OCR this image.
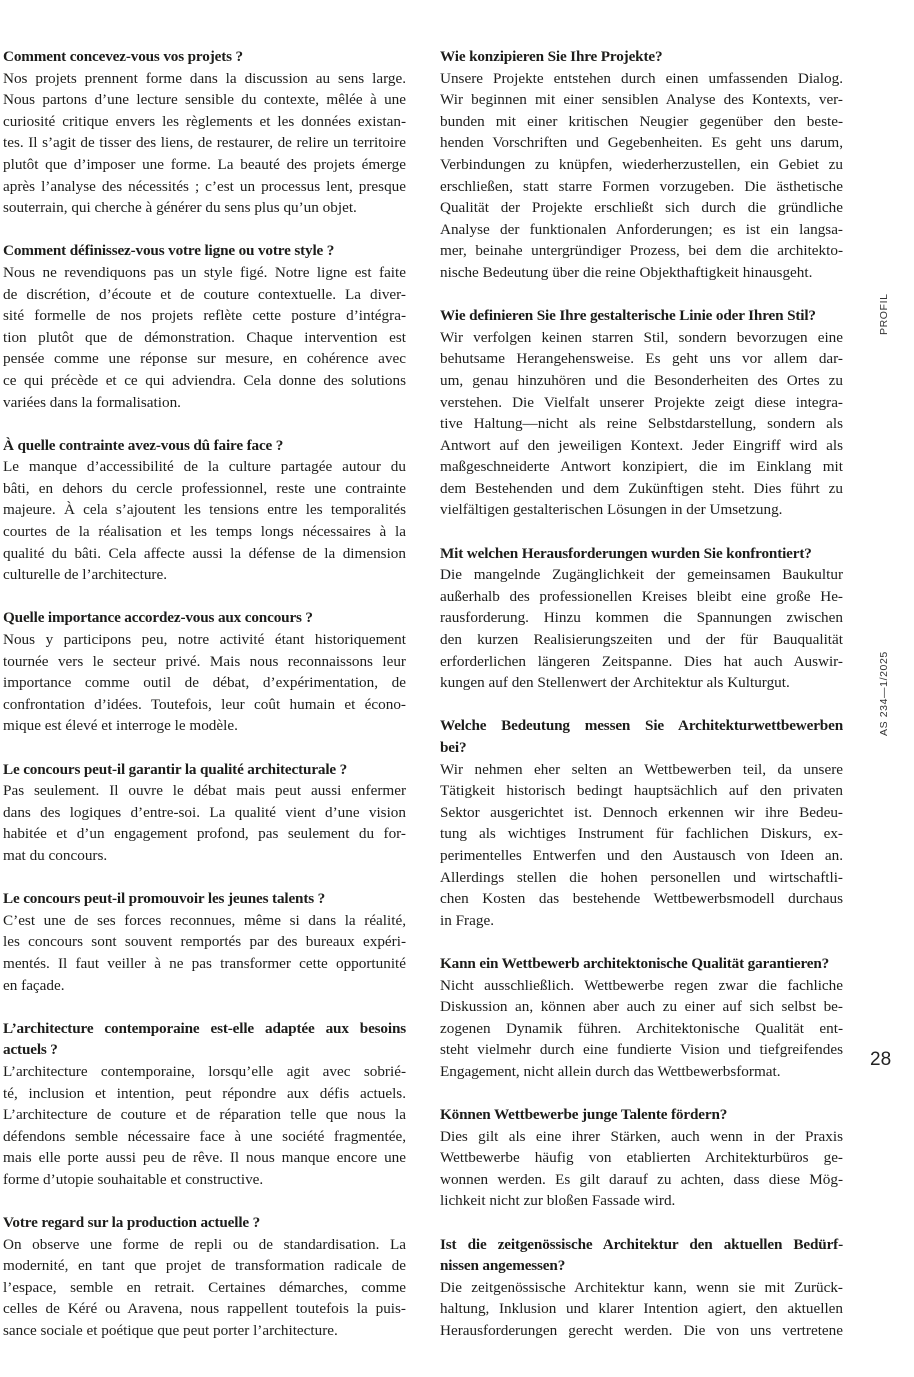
Comment concevez-vous vos projets ?
Nos projets prennent forme dans la discussion au sens large.
Nous partons d’une lecture sensible du contexte, mêlée à une
curiosité critique envers les règlements et les données existan-
tes. Il s’agit de tisser des liens, de restaurer, de relire un territoire
plutôt que d’imposer une forme. La beauté des projets émerge
après l’analyse des nécessités ; c’est un processus lent, presque
souterrain, qui cherche à générer du sens plus qu’un objet.
Comment définissez-vous votre ligne ou votre style ?
Nous ne revendiquons pas un style figé. Notre ligne est faite
de discrétion, d’écoute et de couture contextuelle. La diver-
sité formelle de nos projets reflète cette posture d’intégra-
tion plutôt que de démonstration. Chaque intervention est
pensée comme une réponse sur mesure, en cohérence avec
ce qui précède et ce qui adviendra. Cela donne des solutions
variées dans la formalisation.
À quelle contrainte avez-vous dû faire face ?
Le manque d’accessibilité de la culture partagée autour du
bâti, en dehors du cercle professionnel, reste une contrainte
majeure. À cela s’ajoutent les tensions entre les temporalités
courtes de la réalisation et les temps longs nécessaires à la
qualité du bâti. Cela affecte aussi la défense de la dimension
culturelle de l’architecture.
Quelle importance accordez-vous aux concours ?
Nous y participons peu, notre activité étant historiquement
tournée vers le secteur privé. Mais nous reconnaissons leur
importance comme outil de débat, d’expérimentation, de
confrontation d’idées. Toutefois, leur coût humain et écono-
mique est élevé et interroge le modèle.
Le concours peut-il garantir la qualité architecturale ?
Pas seulement. Il ouvre le débat mais peut aussi enfermer
dans des logiques d’entre-soi. La qualité vient d’une vision
habitée et d’un engagement profond, pas seulement du for-
mat du concours.
Le concours peut-il promouvoir les jeunes talents ?
C’est une de ses forces reconnues, même si dans la réalité,
les concours sont souvent remportés par des bureaux expéri-
mentés. Il faut veiller à ne pas transformer cette opportunité
en façade.
L’architecture contemporaine est-elle adaptée aux besoins
actuels ?
L’architecture contemporaine, lorsqu’elle agit avec sobrié-
té, inclusion et intention, peut répondre aux défis actuels.
L’architecture de couture et de réparation telle que nous la
défendons semble nécessaire face à une société fragmentée,
mais elle porte aussi peu de rêve. Il nous manque encore une
forme d’utopie souhaitable et constructive.
Votre regard sur la production actuelle ?
On observe une forme de repli ou de standardisation. La
modernité, en tant que projet de transformation radicale de
l’espace, semble en retrait. Certaines démarches, comme
celles de Kéré ou Aravena, nous rappellent toutefois la puis-
sance sociale et poétique que peut porter l’architecture.
Wie konzipieren Sie Ihre Projekte?
Unsere Projekte entstehen durch einen umfassenden Dialog.
Wir beginnen mit einer sensiblen Analyse des Kontexts, ver-
bunden mit einer kritischen Neugier gegenüber den beste-
henden Vorschriften und Gegebenheiten. Es geht uns darum,
Verbindungen zu knüpfen, wiederherzustellen, ein Gebiet zu
erschließen, statt starre Formen vorzugeben. Die ästhetische
Qualität der Projekte erschließt sich durch die gründliche
Analyse der funktionalen Anforderungen; es ist ein langsa-
mer, beinahe untergründiger Prozess, bei dem die architekto-
nische Bedeutung über die reine Objekthaftigkeit hinausgeht.
Wie definieren Sie Ihre gestalterische Linie oder Ihren Stil?
Wir verfolgen keinen starren Stil, sondern bevorzugen eine
behutsame Herangehensweise. Es geht uns vor allem dar-
um, genau hinzuhören und die Besonderheiten des Ortes zu
verstehen. Die Vielfalt unserer Projekte zeigt diese integra-
tive Haltung—nicht als reine Selbstdarstellung, sondern als
Antwort auf den jeweiligen Kontext. Jeder Eingriff wird als
maßgeschneiderte Antwort konzipiert, die im Einklang mit
dem Bestehenden und dem Zukünftigen steht. Dies führt zu
vielfältigen gestalterischen Lösungen in der Umsetzung.
Mit welchen Herausforderungen wurden Sie konfrontiert?
Die mangelnde Zugänglichkeit der gemeinsamen Baukultur
außerhalb des professionellen Kreises bleibt eine große He-
rausforderung. Hinzu kommen die Spannungen zwischen
den kurzen Realisierungszeiten und der für Bauqualität
erforderlichen längeren Zeitspanne. Dies hat auch Auswir-
kungen auf den Stellenwert der Architektur als Kulturgut.
Welche Bedeutung messen Sie Architekturwettbewerben
bei?
Wir nehmen eher selten an Wettbewerben teil, da unsere
Tätigkeit historisch bedingt hauptsächlich auf den privaten
Sektor ausgerichtet ist. Dennoch erkennen wir ihre Bedeu-
tung als wichtiges Instrument für fachlichen Diskurs, ex-
perimentelles Entwerfen und den Austausch von Ideen an.
Allerdings stellen die hohen personellen und wirtschaftli-
chen Kosten das bestehende Wettbewerbsmodell durchaus
in Frage.
Kann ein Wettbewerb architektonische Qualität garantieren?
Nicht ausschließlich. Wettbewerbe regen zwar die fachliche
Diskussion an, können aber auch zu einer auf sich selbst be-
zogenen Dynamik führen. Architektonische Qualität ent-
steht vielmehr durch eine fundierte Vision und tiefgreifendes
Engagement, nicht allein durch das Wettbewerbsformat.
Können Wettbewerbe junge Talente fördern?
Dies gilt als eine ihrer Stärken, auch wenn in der Praxis
Wettbewerbe häufig von etablierten Architekturbüros ge-
wonnen werden. Es gilt darauf zu achten, dass diese Mög-
lichkeit nicht zur bloßen Fassade wird.
Ist die zeitgenössische Architektur den aktuellen Bedürf-
nissen angemessen?
Die zeitgenössische Architektur kann, wenn sie mit Zurück-
haltung, Inklusion und klarer Intention agiert, den aktuellen
Herausforderungen gerecht werden. Die von uns vertretene
PROFIL
AS 234—1/2025
28
